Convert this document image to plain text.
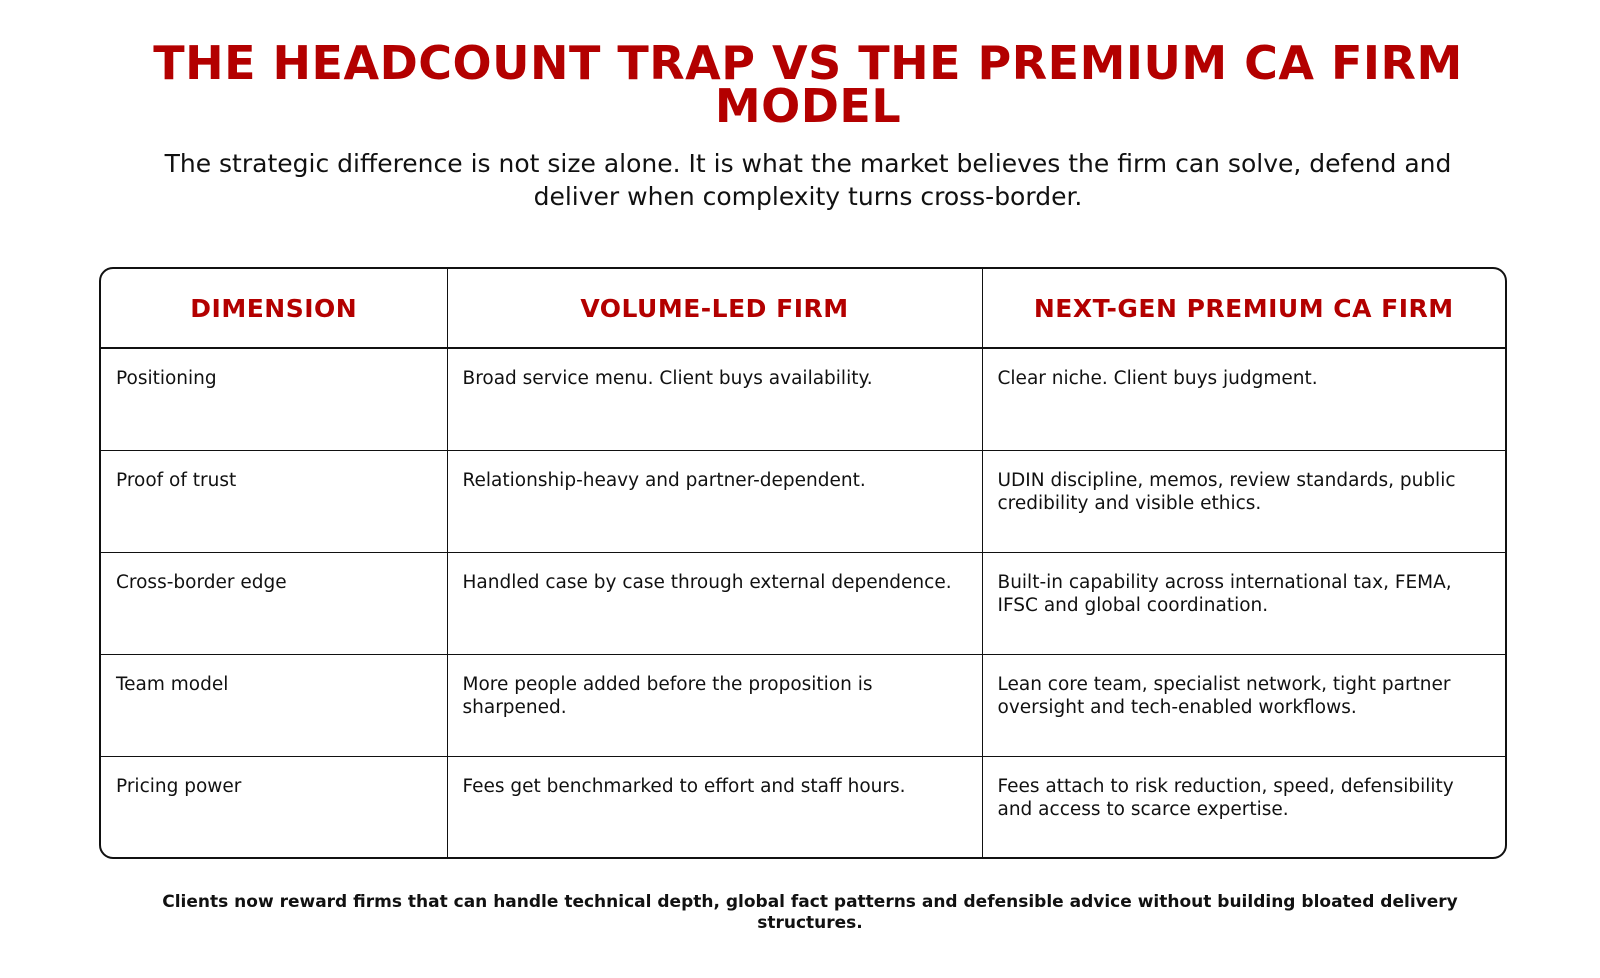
THE HEADCOUNT TRAP VS THE PREMIUM CA FIRM MODEL

The strategic difference is not size alone. It is what the market believes the firm can solve, defend and deliver when complexity turns cross-border.

DIMENSION	VOLUME-LED FIRM	NEXT-GEN PREMIUM CA FIRM
Positioning	Broad service menu. Client buys availability.	Clear niche. Client buys judgment.
Proof of trust	Relationship-heavy and partner-dependent.	UDIN discipline, memos, review standards, public credibility and visible ethics.
Cross-border edge	Handled case by case through external dependence.	Built-in capability across international tax, FEMA, IFSC and global coordination.
Team model	More people added before the proposition is sharpened.	Lean core team, specialist network, tight partner oversight and tech-enabled workflows.
Pricing power	Fees get benchmarked to effort and staff hours.	Fees attach to risk reduction, speed, defensibility and access to scarce expertise.

Clients now reward firms that can handle technical depth, global fact patterns and defensible advice without building bloated delivery structures.
